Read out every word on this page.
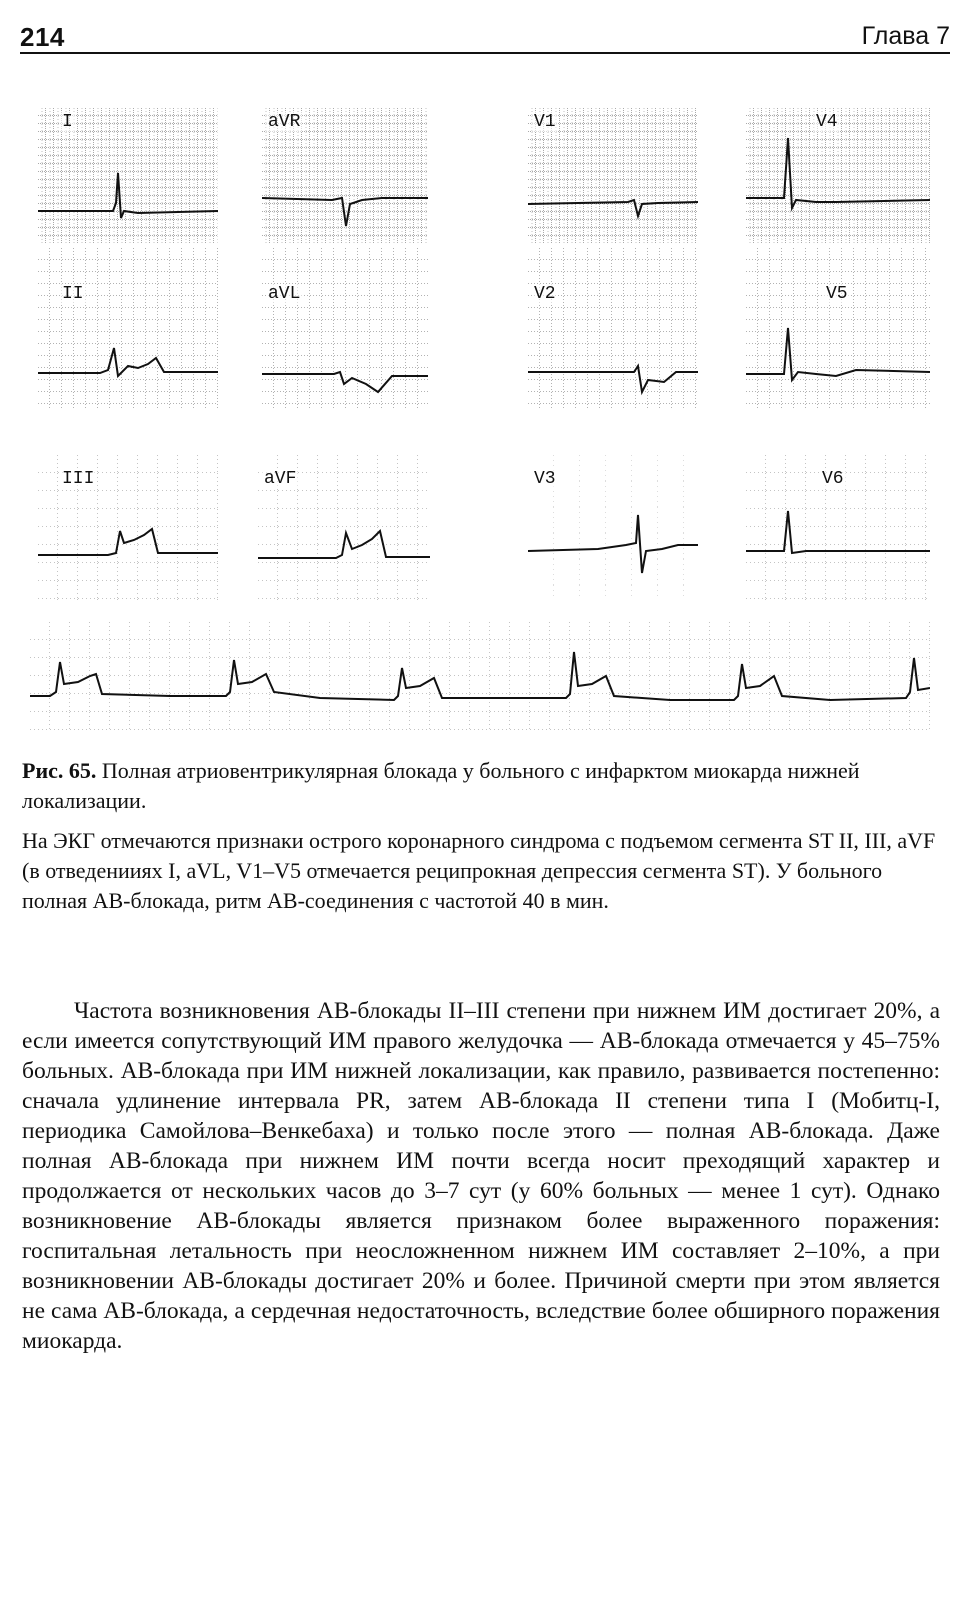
214	Глава 7
I
II
III
aVR
aVL
aVF
V1
V2
V3
V4
V5
V6

Рис. 65. Полная атриовентрикулярная блокада у больного с инфарктом миокарда нижней локализации.

На ЭКГ отмечаются признаки острого коронарного синдрома с подъемом сегмента ST II, III, aVF (в отведенииях I, aVL, V1–V5 отмечается реципрокная депрессия сегмента ST). У больного полная АВ-блокада, ритм АВ-соединения с частотой 40 в мин.

Частота возникновения АВ-блокады II–III степени при нижнем ИМ достигает 20%, а если имеется сопутствующий ИМ правого желудочка — АВ-блокада отмечается у 45–75% больных. АВ-блокада при ИМ нижней локализации, как правило, развивается постепенно: сначала удлинение интервала PR, затем АВ-блокада II степени типа I (Мобитц-I, периодика Самойлова–Венкебаха) и только после этого — полная АВ-блокада. Даже полная АВ-блокада при нижнем ИМ почти всегда носит преходящий характер и продолжается от нескольких часов до 3–7 сут (у 60% больных — менее 1 сут). Однако возникновение АВ-блокады является признаком более выраженного поражения: госпитальная летальность при неосложненном нижнем ИМ составляет 2–10%, а при возникновении АВ-блокады достигает 20% и более. Причиной смерти при этом является не сама АВ-блокада, а сердечная недостаточность, вследствие более обширного поражения миокарда.
